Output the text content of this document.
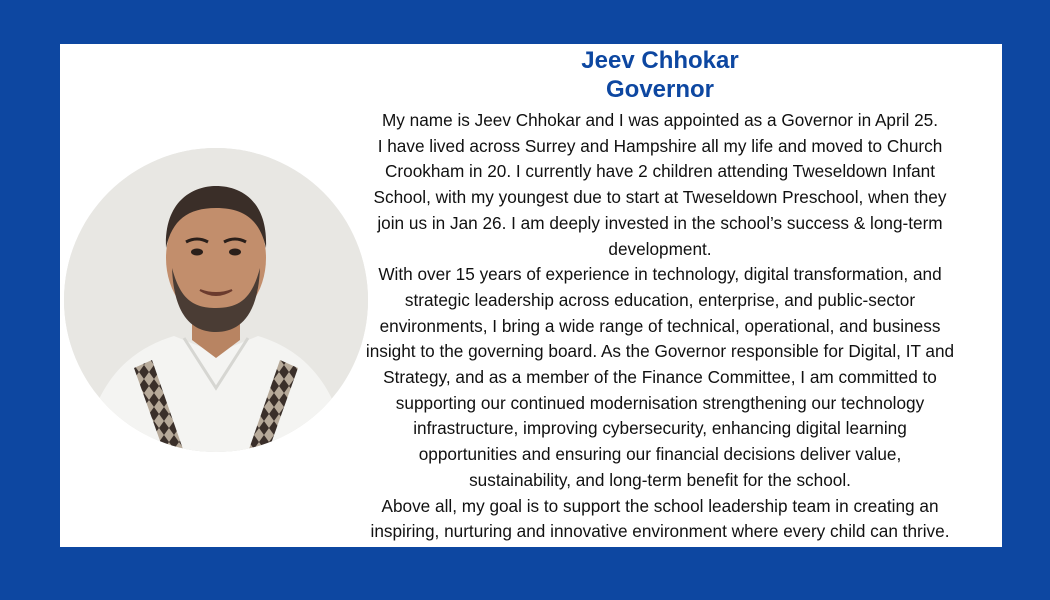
Jeev Chhokar
Governor
My name is Jeev Chhokar and I was appointed as a Governor in April 25.
I have lived across Surrey and Hampshire all my life and moved to Church
Crookham in 20. I currently have 2 children attending Tweseldown Infant
School, with my youngest due to start at Tweseldown Preschool, when they
join us in Jan 26. I am deeply invested in the school’s success & long-term
development.
With over 15 years of experience in technology, digital transformation, and
strategic leadership across education, enterprise, and public-sector
environments, I bring a wide range of technical, operational, and business
insight to the governing board. As the Governor responsible for Digital, IT and
Strategy, and as a member of the Finance Committee, I am committed to
supporting our continued modernisation strengthening our technology
infrastructure, improving cybersecurity, enhancing digital learning
opportunities and ensuring our financial decisions deliver value,
sustainability, and long-term benefit for the school.
Above all, my goal is to support the school leadership team in creating an
inspiring, nurturing and innovative environment where every child can thrive.
